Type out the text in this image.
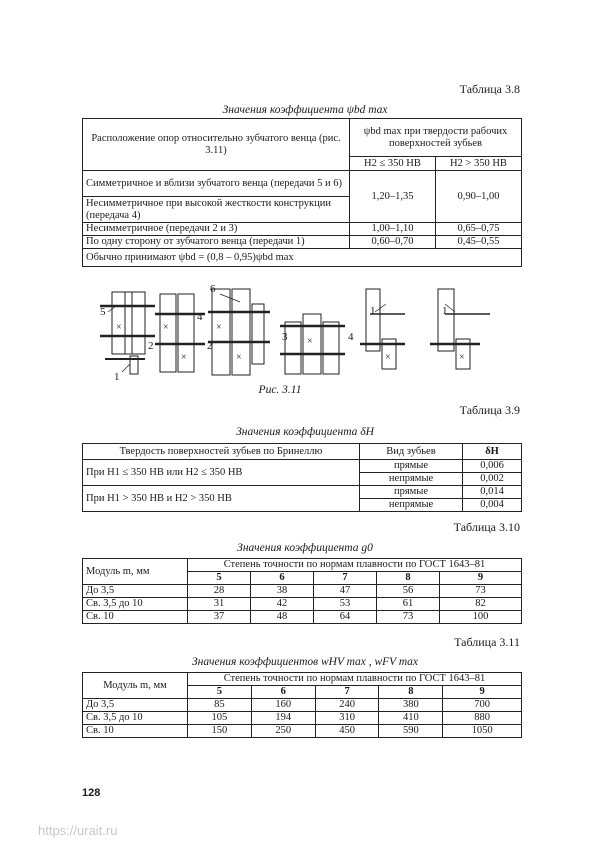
Таблица 3.8
Значения коэффициента ψbd max
Расположение опор относительно зубчатого венца (рис. 3.11)	ψbd max при твердости рабочих поверхностей зубьев	
	H2 ≤ 350 HB	H2 > 350 HB
Симметричное и вблизи зубчатого венца (передачи 5 и 6)	1,20–1,35	0,90–1,00
Несимметричное при высокой жесткости конструкции (передача 4)		
Несимметричное (передачи 2 и 3)	1,00–1,10	0,65–0,75
По одну сторону от зубчатого венца (передачи 1)	0,60–0,70	0,45–0,55
Обычно принимают ψbd = (0,8 – 0,95)ψbd max		
×	×
×
×
×
×
×	×
5
1
2
6
4
2
3	4
1	1
Рис. 3.11
Таблица 3.9
Значения коэффициента δH
Твердость поверхностей зубьев по Бринеллю	Вид зубьев	δH
При H1 ≤ 350 HB или H2 ≤ 350 HB	прямые	0,006
	непрямые	0,002
При H1 > 350 HB и H2 > 350 HB	прямые	0,014
	непрямые	0,004
Таблица 3.10
Значения коэффициента g0
Модуль m, мм	Степень точности по нормам плавности по ГОСТ 1643–81				
	5	6	7	8	9
До 3,5	28	38	47	56	73
Св. 3,5 до 10	31	42	53	61	82
Св. 10	37	48	64	73	100
Таблица 3.11
Значения коэффициентов wHV max , wFV max
Модуль m, мм	Степень точности по нормам плавности по ГОСТ 1643–81				
	5	6	7	8	9
До 3,5	85	160	240	380	700
Св. 3,5 до 10	105	194	310	410	880
Св. 10	150	250	450	590	1050
128
https://urait.ru
